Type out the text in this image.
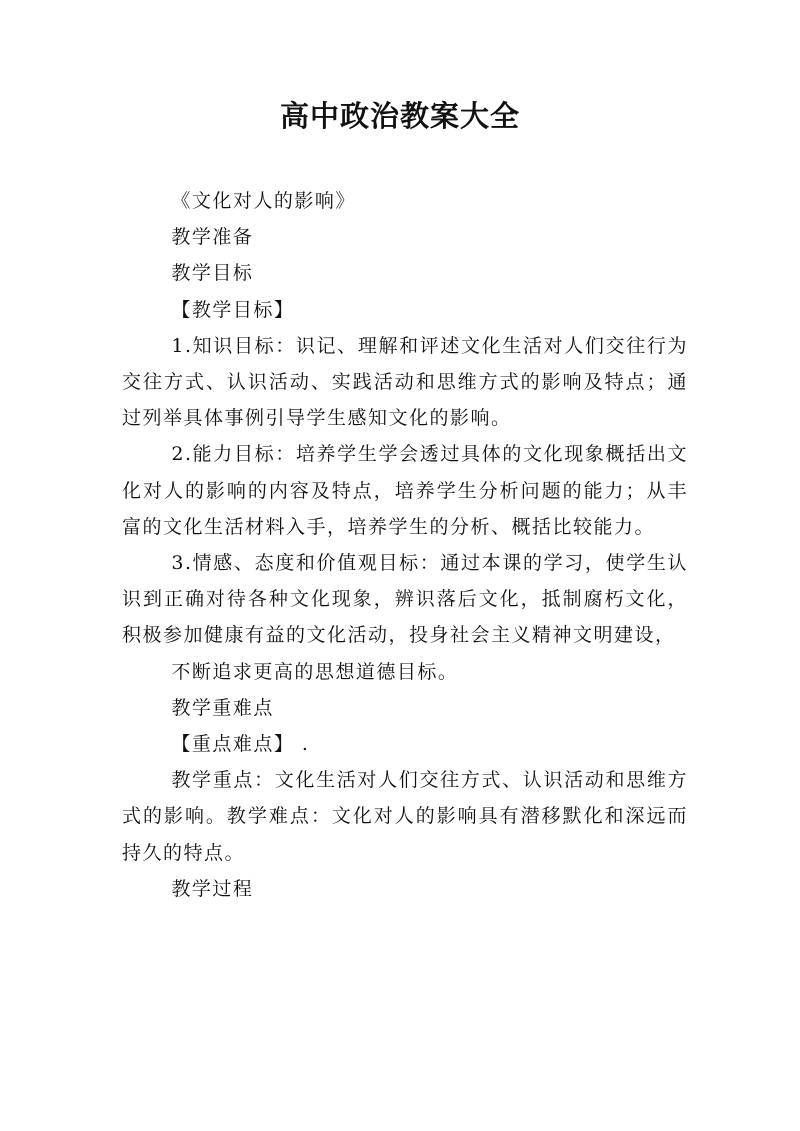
高中政治教案大全

《文化对人的影响》

教学准备

教学目标

【教学目标】

1.知识目标：识记、理解和评述文化生活对人们交往行为交往方式、认识活动、实践活动和思维方式的影响及特点；通过列举具体事例引导学生感知文化的影响。

2.能力目标：培养学生学会透过具体的文化现象概括出文化对人的影响的内容及特点，培养学生分析问题的能力；从丰富的文化生活材料入手，培养学生的分析、概括比较能力。

3.情感、态度和价值观目标：通过本课的学习，使学生认识到正确对待各种文化现象，辨识落后文化，抵制腐朽文化，积极参加健康有益的文化活动，投身社会主义精神文明建设，

不断追求更高的思想道德目标。

教学重难点

【重点难点】 .

教学重点：文化生活对人们交往方式、认识活动和思维方式的影响。教学难点：文化对人的影响具有潜移默化和深远而持久的特点。

教学过程
